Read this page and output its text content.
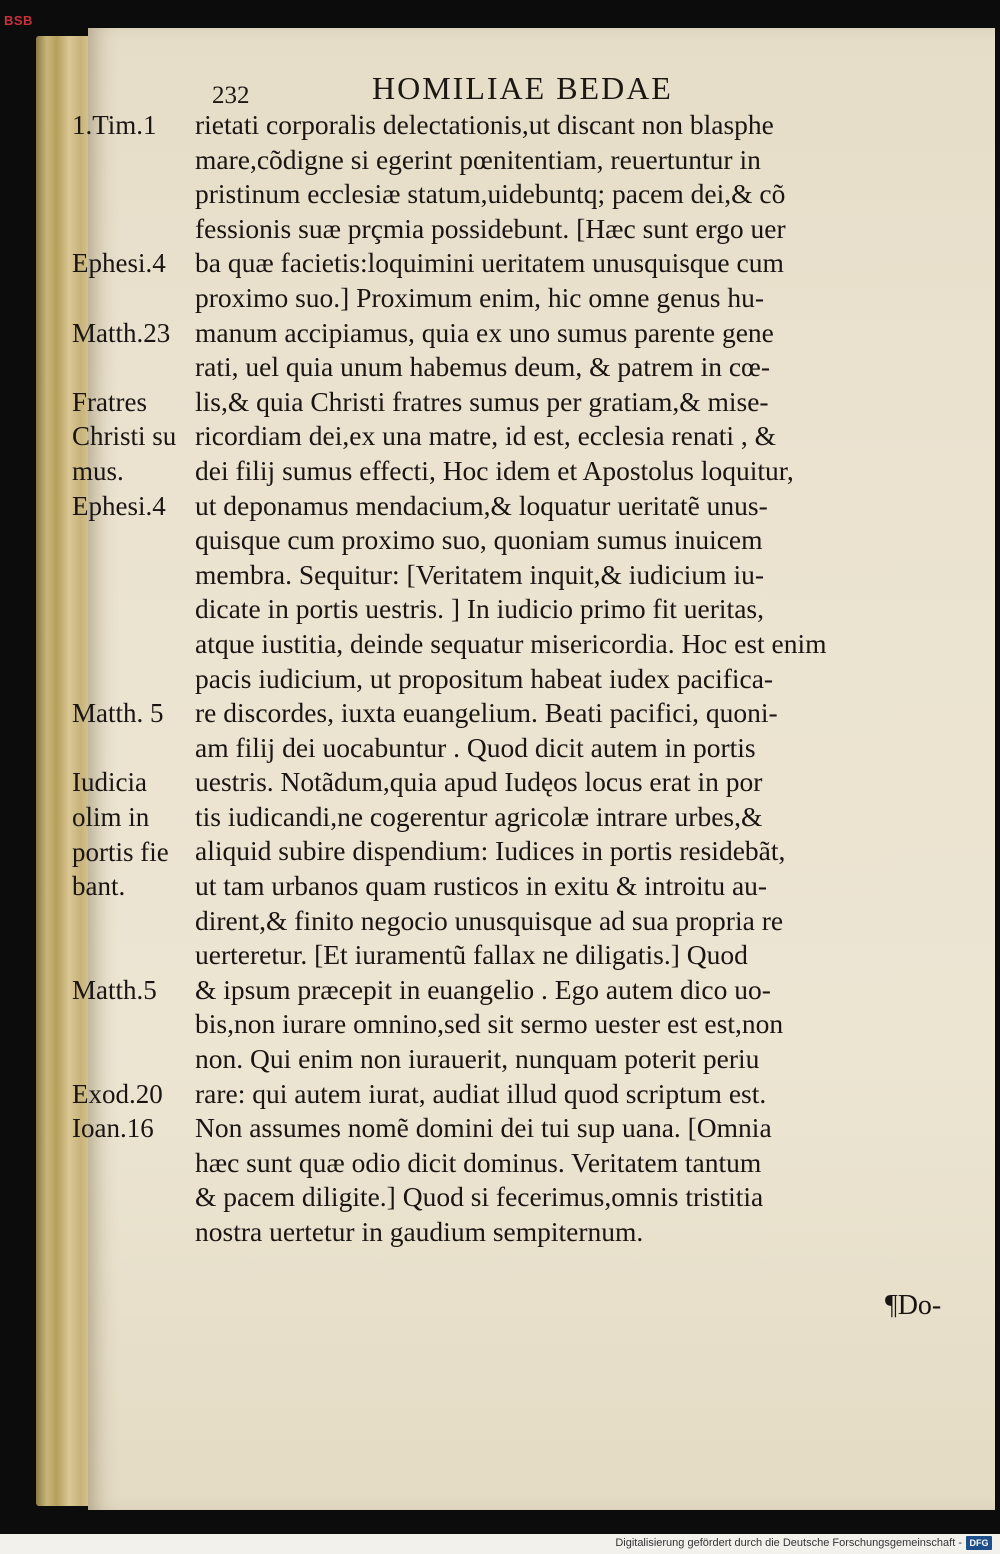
BSB
232	HOMILIAE BEDAE
1.Tim.1
Ephesi.4
Matth.23
Fratres
Christi su
mus.
Ephesi.4
Matth. 5
Iudicia
olim in
portis fie
bant.
Matth.5
Exod.20
Ioan.16
rietati corporalis delectationis,ut discant non blasphe
mare,cõdigne si egerint pœnitentiam, reuertuntur in
pristinum ecclesiæ statum,uidebuntq; pacem dei,& cõ
fessionis suæ prçmia possidebunt. [Hæc sunt ergo uer
ba quæ facietis:loquimini ueritatem unusquisque cum
proximo suo.] Proximum enim, hic omne genus hu-
manum accipiamus, quia ex uno sumus parente gene
rati, uel quia unum habemus deum, & patrem in cœ-
lis,& quia Christi fratres sumus per gratiam,& mise-
ricordiam dei,ex una matre, id est, ecclesia renati , &
dei filij sumus effecti, Hoc idem et Apostolus loquitur,
ut deponamus mendacium,& loquatur ueritatẽ unus-
quisque cum proximo suo, quoniam sumus inuicem
membra. Sequitur: [Veritatem inquit,& iudicium iu-
dicate in portis uestris. ] In iudicio primo fit ueritas,
atque iustitia, deinde sequatur misericordia. Hoc est enim
pacis iudicium, ut propositum habeat iudex pacifica-
re discordes, iuxta euangelium. Beati pacifici, quoni-
am filij dei uocabuntur . Quod dicit autem in portis
uestris. Notãdum,quia apud Iudęos locus erat in por
tis iudicandi,ne cogerentur agricolæ intrare urbes,&
aliquid subire dispendium: Iudices in portis residebãt,
ut tam urbanos quam rusticos in exitu & introitu au-
dirent,& finito negocio unusquisque ad sua propria re
uerteretur. [Et iuramentũ fallax ne diligatis.] Quod
& ipsum præcepit in euangelio . Ego autem dico uo-
bis,non iurare omnino,sed sit sermo uester est est,non
non. Qui enim non iurauerit, nunquam poterit periu
rare: qui autem iurat, audiat illud quod scriptum est.
Non assumes nomẽ domini dei tui sup uana. [Omnia
hæc sunt quæ odio dicit dominus. Veritatem tantum
& pacem diligite.] Quod si fecerimus,omnis tristitia
nostra uertetur in gaudium sempiternum.
¶Do-
Digitalisierung gefördert durch die Deutsche Forschungsgemeinschaft - DFG
